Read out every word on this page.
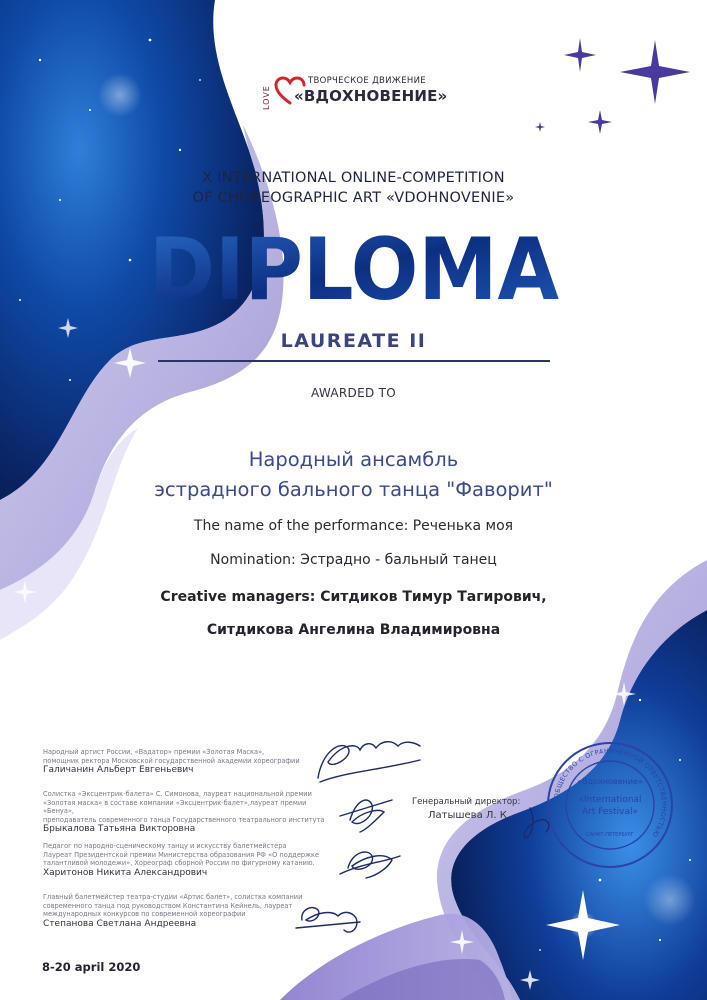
LOVE
ТВОРЧЕСКОЕ ДВИЖЕНИЕ
«ВДОХНОВЕНИЕ»
X INTERNATIONAL ONLINE-COMPETITION
OF CHOREOGRAPHIC ART «VDOHNOVENIE»
DIPLOMA
LAUREATE II
AWARDED TO
Народный ансамбль
эстрадного бального танца "Фаворит"
The name of the performance: Реченька моя
Nomination: Эстрадно - бальный танец
Creative managers: Ситдиков Тимур Тагирович,
Ситдикова Ангелина Владимировна
Народный артист России, «Вадатор» премии «Золотая Маска»,
помощник ректора Московской государственной академии хореографии
Галичанин Альберт Евгеньевич
Солистка «Эксцентрик-балета» С. Симонова, лауреат национальной премии
«Золотая маска» в составе компании «Эксцентрик-балет»,лауреат премии «Бенуа»,
преподаватель современного танца Государственного театрального института
Брыкалова Татьяна Викторовна
Педагог по народно-сценическому танцу и искусству балетмейстера
Лауреат Президентской премии Министерства образования РФ «О поддержке
талантливой молодежи», Хореограф сборной России по фигурному катанию.
Харитонов Никита Александрович
Главный балетмейстер театра-студии «Артис балет», солистка компании
современного танца под руководством Константина Кейнель, лауреат
международных конкурсов по современной хореографии
Степанова Светлана Андреевна
Генеральный директор:
Латышева Л. К.
ОБЩЕСТВО С ОГРАНИЧЕННОЙ ОТВЕТСТВЕННОСТЬЮ
«Вдохновение»
«International
Art Festival»
САНКТ-ПЕТЕРБУРГ
8-20 april 2020
